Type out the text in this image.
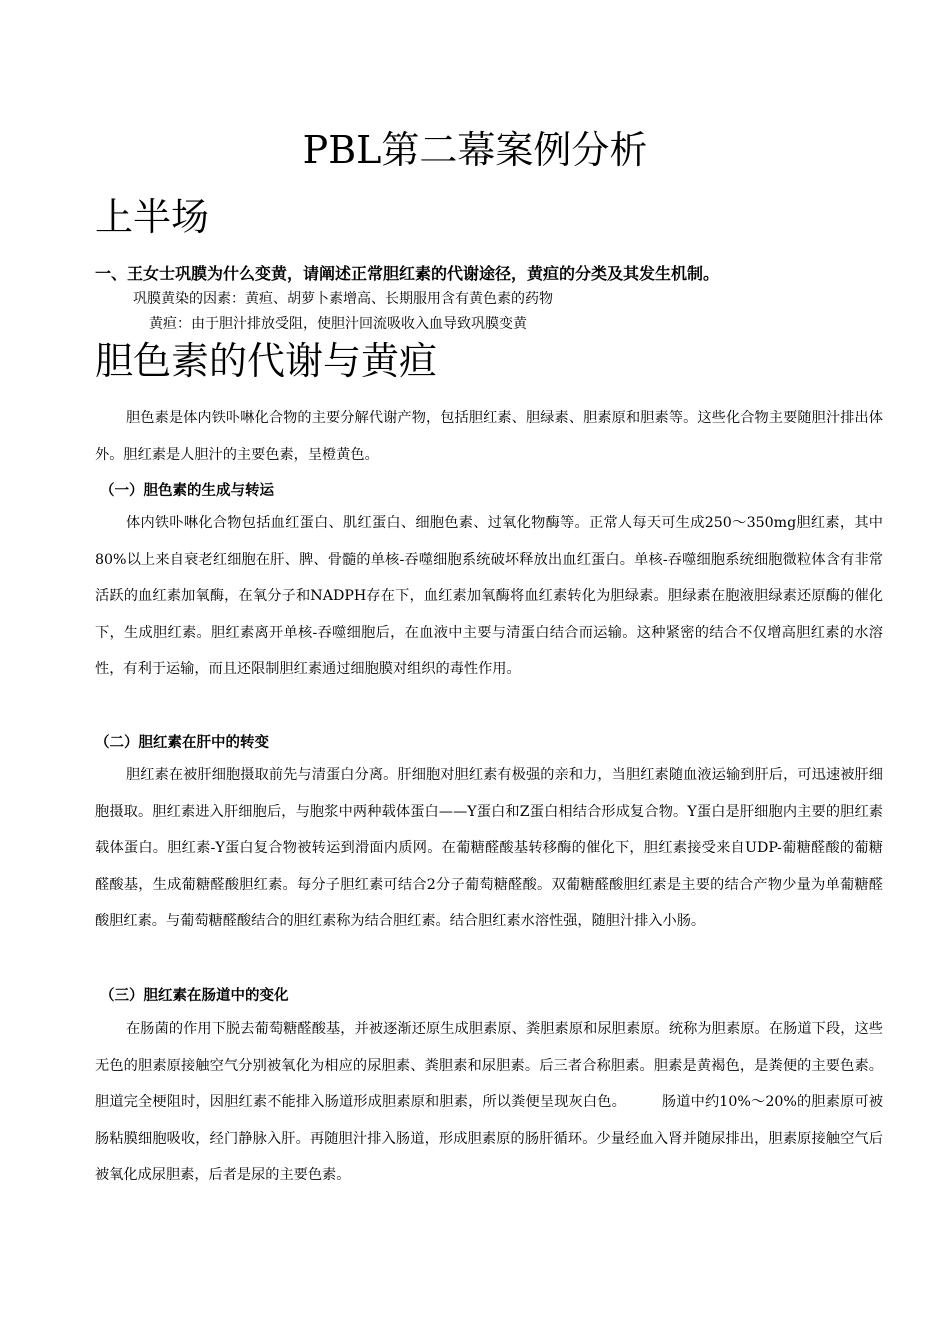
PBL第二幕案例分析
上半场

一、王女士巩膜为什么变黄，请阐述正常胆红素的代谢途径，黄疸的分类及其发生机制。

巩膜黄染的因素：黄疸、胡萝卜素增高、长期服用含有黄色素的药物

黄疸：由于胆汁排放受阻，使胆汁回流吸收入血导致巩膜变黄

胆色素的代谢与黄疸

胆色素是体内铁卟啉化合物的主要分解代谢产物，包括胆红素、胆绿素、胆素原和胆素等。这些化合物主要随胆汁排出体外。胆红素是人胆汁的主要色素，呈橙黄色。

（一）胆色素的生成与转运

体内铁卟啉化合物包括血红蛋白、肌红蛋白、细胞色素、过氧化物酶等。正常人每天可生成250～350mg胆红素，其中80%以上来自衰老红细胞在肝、脾、骨髓的单核-吞噬细胞系统破坏释放出血红蛋白。单核-吞噬细胞系统细胞微粒体含有非常活跃的血红素加氧酶，在氧分子和NADPH存在下，血红素加氧酶将血红素转化为胆绿素。胆绿素在胞液胆绿素还原酶的催化下，生成胆红素。胆红素离开单核-吞噬细胞后，在血液中主要与清蛋白结合而运输。这种紧密的结合不仅增高胆红素的水溶性，有利于运输，而且还限制胆红素通过细胞膜对组织的毒性作用。

（二）胆红素在肝中的转变

胆红素在被肝细胞摄取前先与清蛋白分离。肝细胞对胆红素有极强的亲和力，当胆红素随血液运输到肝后，可迅速被肝细胞摄取。胆红素进入肝细胞后，与胞浆中两种载体蛋白——Y蛋白和Z蛋白相结合形成复合物。Y蛋白是肝细胞内主要的胆红素载体蛋白。胆红素-Y蛋白复合物被转运到滑面内质网。在葡糖醛酸基转移酶的催化下，胆红素接受来自UDP-葡糖醛酸的葡糖醛酸基，生成葡糖醛酸胆红素。每分子胆红素可结合2分子葡萄糖醛酸。双葡糖醛酸胆红素是主要的结合产物少量为单葡糖醛酸胆红素。与葡萄糖醛酸结合的胆红素称为结合胆红素。结合胆红素水溶性强，随胆汁排入小肠。

（三）胆红素在肠道中的变化

在肠菌的作用下脱去葡萄糖醛酸基，并被逐渐还原生成胆素原、粪胆素原和尿胆素原。统称为胆素原。在肠道下段，这些无色的胆素原接触空气分别被氧化为相应的尿胆素、粪胆素和尿胆素。后三者合称胆素。胆素是黄褐色，是粪便的主要色素。胆道完全梗阻时，因胆红素不能排入肠道形成胆素原和胆素，所以粪便呈现灰白色。　　　肠道中约10%～20%的胆素原可被肠粘膜细胞吸收，经门静脉入肝。再随胆汁排入肠道，形成胆素原的肠肝循环。少量经血入肾并随尿排出，胆素原接触空气后被氧化成尿胆素，后者是尿的主要色素。
